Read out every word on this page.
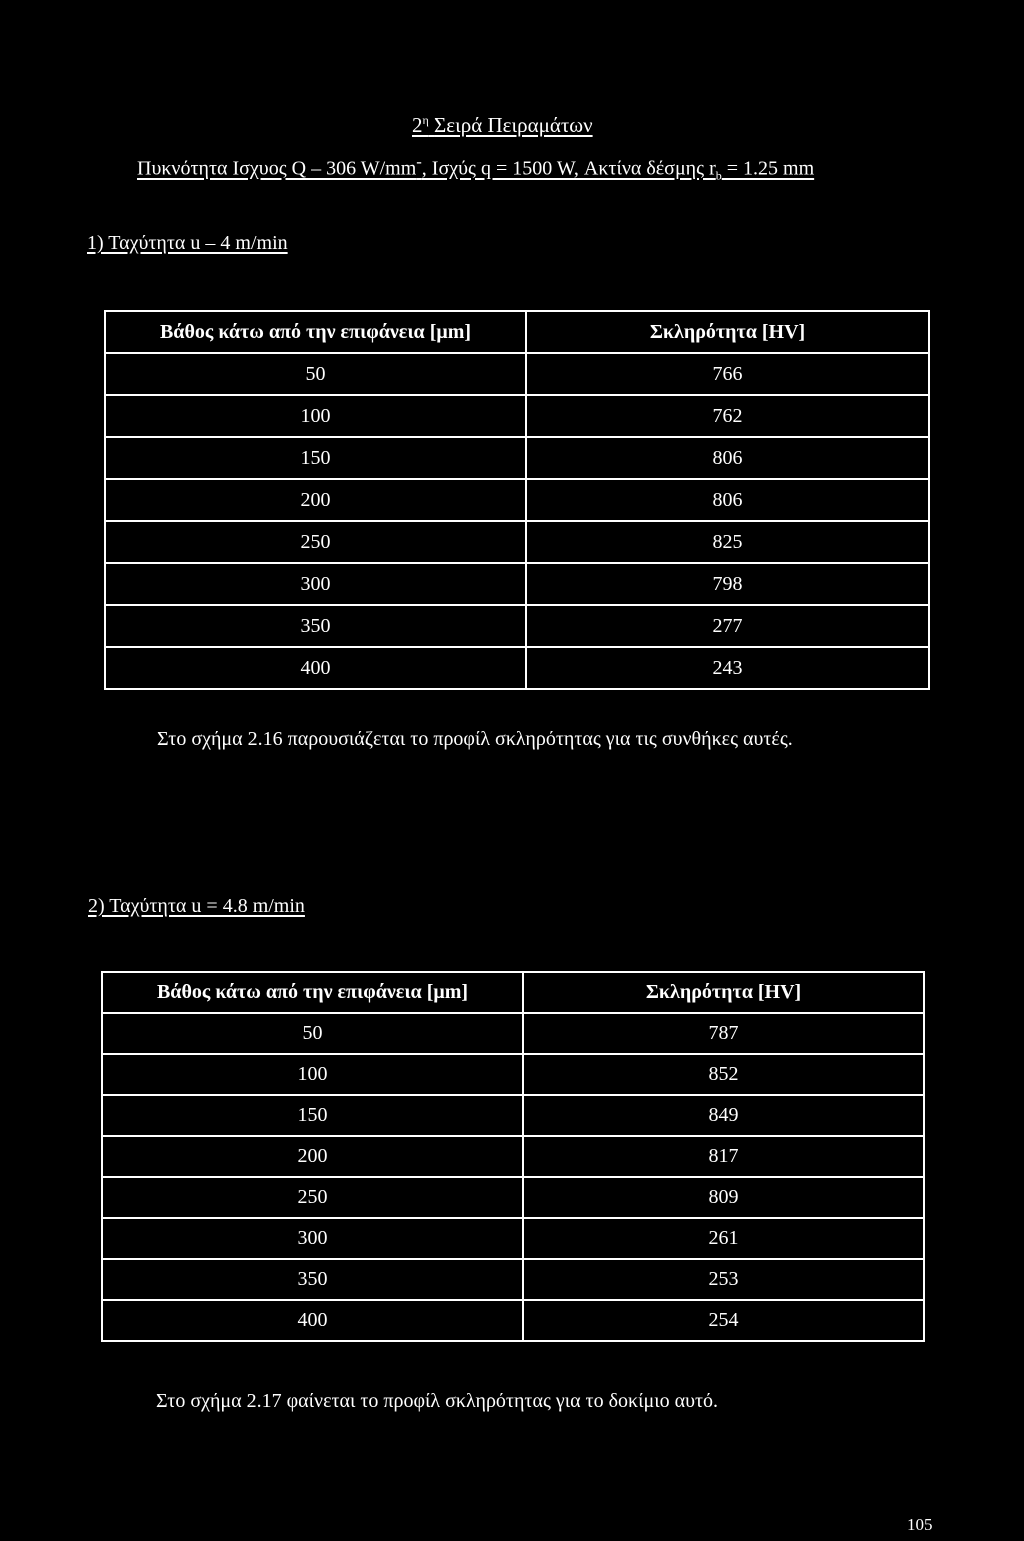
$2^\eta$ Σειρά Πειραμάτων
Πυκνότητα Ισχυος Q – 306 W/mm-, Ισχύς q = 1500 W, Ακτίνα δέσμης $r_b = 1.25$ mm
1) Ταχύτητα u – 4 m/min
Βάθος κάτω από την επιφάνεια [μm]	Σκληρότητα [HV]
50	766
100	762
150	806
200	806
250	825
300	798
350	277
400	243
Στο σχήμα 2.16 παρουσιάζεται το προφίλ σκληρότητας για τις συνθήκες αυτές.
2) Ταχύτητα u = 4.8 m/min
Βάθος κάτω από την επιφάνεια [μm]	Σκληρότητα [HV]
50	787
100	852
150	849
200	817
250	809
300	261
350	253
400	254
Στο σχήμα 2.17 φαίνεται το προφίλ σκληρότητας για το δοκίμιο αυτό.
105
